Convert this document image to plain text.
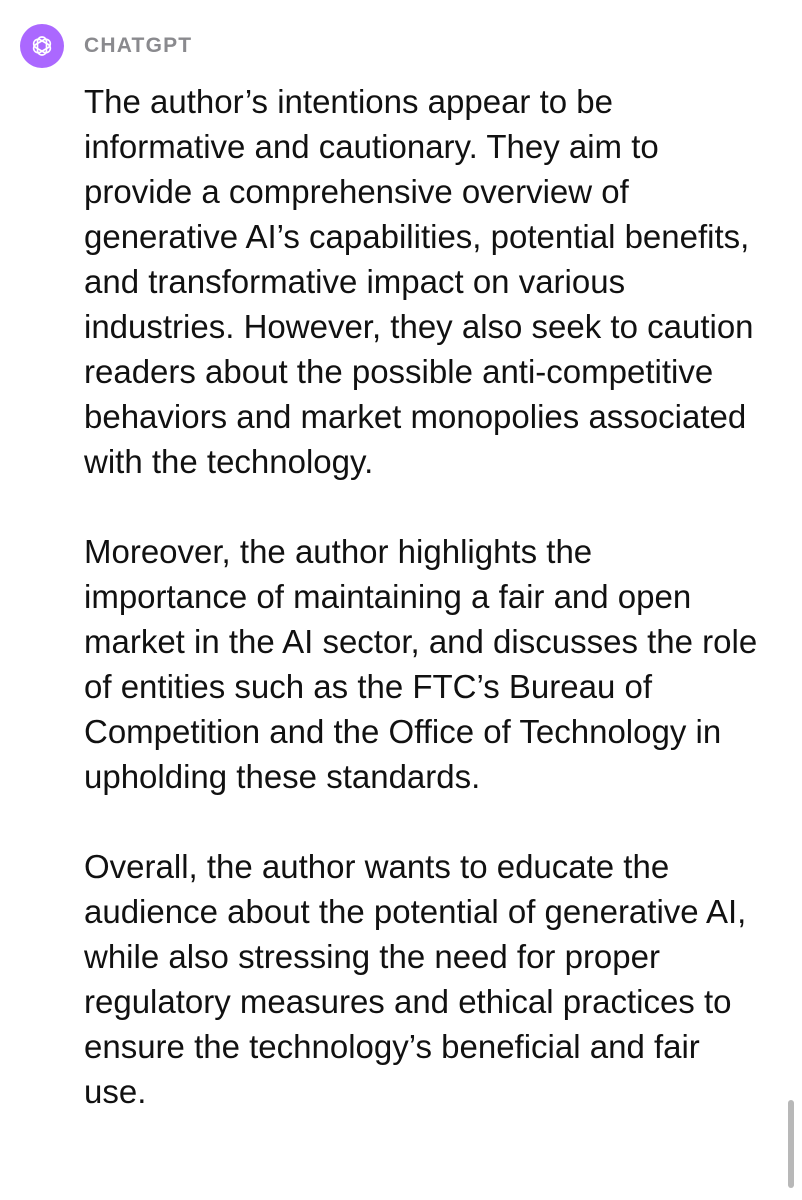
CHATGPT

The author’s intentions appear to be informative and cautionary. They aim to provide a comprehensive overview of generative AI’s capabilities, potential benefits, and transformative impact on various industries. However, they also seek to caution readers about the possible anti-competitive behaviors and market monopolies associated with the technology.

Moreover, the author highlights the importance of maintaining a fair and open market in the AI sector, and discusses the role of entities such as the FTC’s Bureau of Competition and the Office of Technology in upholding these standards.

Overall, the author wants to educate the audience about the potential of generative AI, while also stressing the need for proper regulatory measures and ethical practices to ensure the technology’s beneficial and fair use.
